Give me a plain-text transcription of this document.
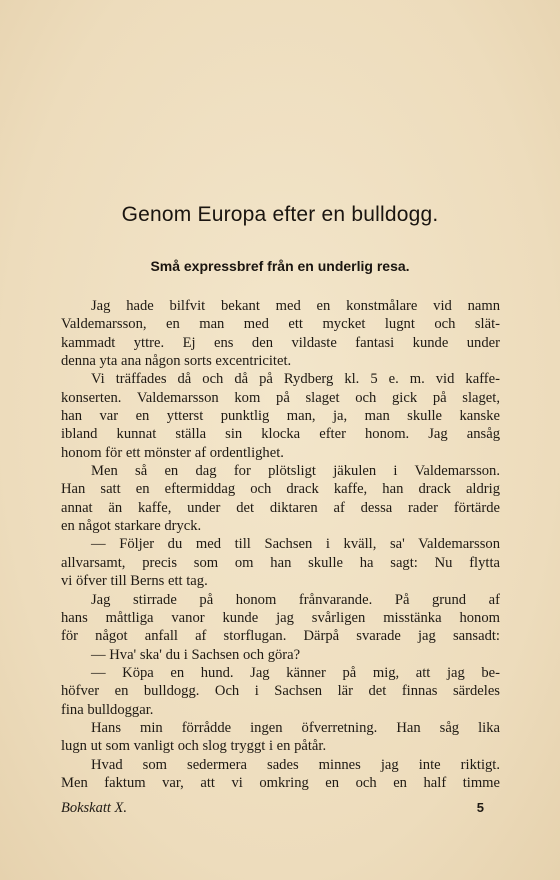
Genom Europa efter en bulldogg.
Små expressbref från en underlig resa.
Jag hade bilfvit bekant med en konstmålare vid namn
Valdemarsson, en man med ett mycket lugnt och slät-
kammadt yttre. Ej ens den vildaste fantasi kunde under
denna yta ana någon sorts excentricitet.
Vi träffades då och då på Rydberg kl. 5 e. m. vid kaffe-
konserten. Valdemarsson kom på slaget och gick på slaget,
han var en ytterst punktlig man, ja, man skulle kanske
ibland kunnat ställa sin klocka efter honom. Jag ansåg
honom för ett mönster af ordentlighet.
Men så en dag for plötsligt jäkulen i Valdemarsson.
Han satt en eftermiddag och drack kaffe, han drack aldrig
annat än kaffe, under det diktaren af dessa rader förtärde
en något starkare dryck.
— Följer du med till Sachsen i kväll, sa' Valdemarsson
allvarsamt, precis som om han skulle ha sagt: Nu flytta
vi öfver till Berns ett tag.
Jag stirrade på honom frånvarande. På grund af
hans måttliga vanor kunde jag svårligen misstänka honom
för något anfall af storflugan. Därpå svarade jag sansadt:
— Hva' ska' du i Sachsen och göra?
— Köpa en hund. Jag känner på mig, att jag be-
höfver en bulldogg. Och i Sachsen lär det finnas särdeles
fina bulldoggar.
Hans min förrådde ingen öfverretning. Han såg lika
lugn ut som vanligt och slog tryggt i en påtår.
Hvad som sedermera sades minnes jag inte riktigt.
Men faktum var, att vi omkring en och en half timme
Bokskatt X.	5
